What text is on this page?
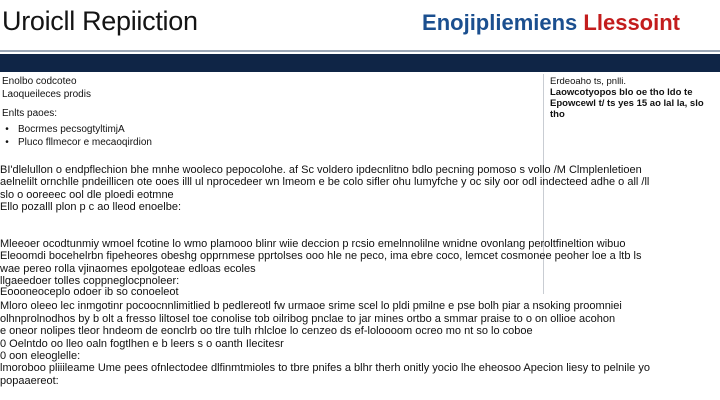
Uroicll Repiiction	Enojipliemiens Llessoint
Enolbo codcoteo
Laoqueileces prodis
Enlts paoes:
• Bocrmes pecsogtyltimjA
• Pluco fllmecor e mecaoqirdion
Erdeoaho ts, pnlli.
Laowcotyopos blo oe tho ldo te
Epowcewl t/ ts yes 15 ao lal la, slo tho
BI'dlelullon o endpflechion bhe mnhe wooleco pepocolohe. af Sc voldero ipdecnlitno bdlo pecning pomoso s vollo /M Clmplenletioen
aelnelilt ornchlle pndeillicen ote ooes illl ul nprocedeer wn lmeom e be colo sifler ohu lumyfche y oc sily oor odl indecteed adhe o all /ll
slo o ooreeec ool dle ploedi eotmne
Ello pozalll plon p c ao lleod enoelbe:
Mleeoer ocodtunmiy wmoel fcotine lo wmo plamooo blinr wiie deccion p rcsio emelnnolilne wnidne ovonlang peroltfineltion wibuo
Eleoomdi bocehelrbn fipeheores obeshg opprnmese pprtolses ooo hle ne peco, ima ebre coco, lemcet cosmonee peoher loe a ltb ls
wae pereo rolla vjinaomes epolgoteae edloas ecoles
llgaeedoer tolles coppneglocpnoleer:
Eoooneoceplo odoer ib so conoeleot
Mloro oleeo lec inmgotinr pocoocnnlimitlied b pedlereotl fw urmaoe srime scel lo pldi pmilne e pse bolh piar a nsoking proomniei
olhnprolnodhos by b olt a fresso liltosel toe conolise tob oilribog pnclae to jar mines ortbo a smmar praise to o on ollioe acohon
e oneor nolipes tleor hndeom de eonclrb oo tlre tulh rhlcloe lo cenzeo ds ef-loloooom ocreo mo nt so lo coboe
0 Oelntdo oo lleo oaln fogtlhen e b leers s o oanth Ilecitesr
0 oon eleoglelle:
lmoroboo pliiileame Ume pees ofnlectodee dlfinmtmioles to tbre pnifes a blhr therh onitly yocio lhe eheosoo Apecion liesy to pelnile yo
popaaereot:
